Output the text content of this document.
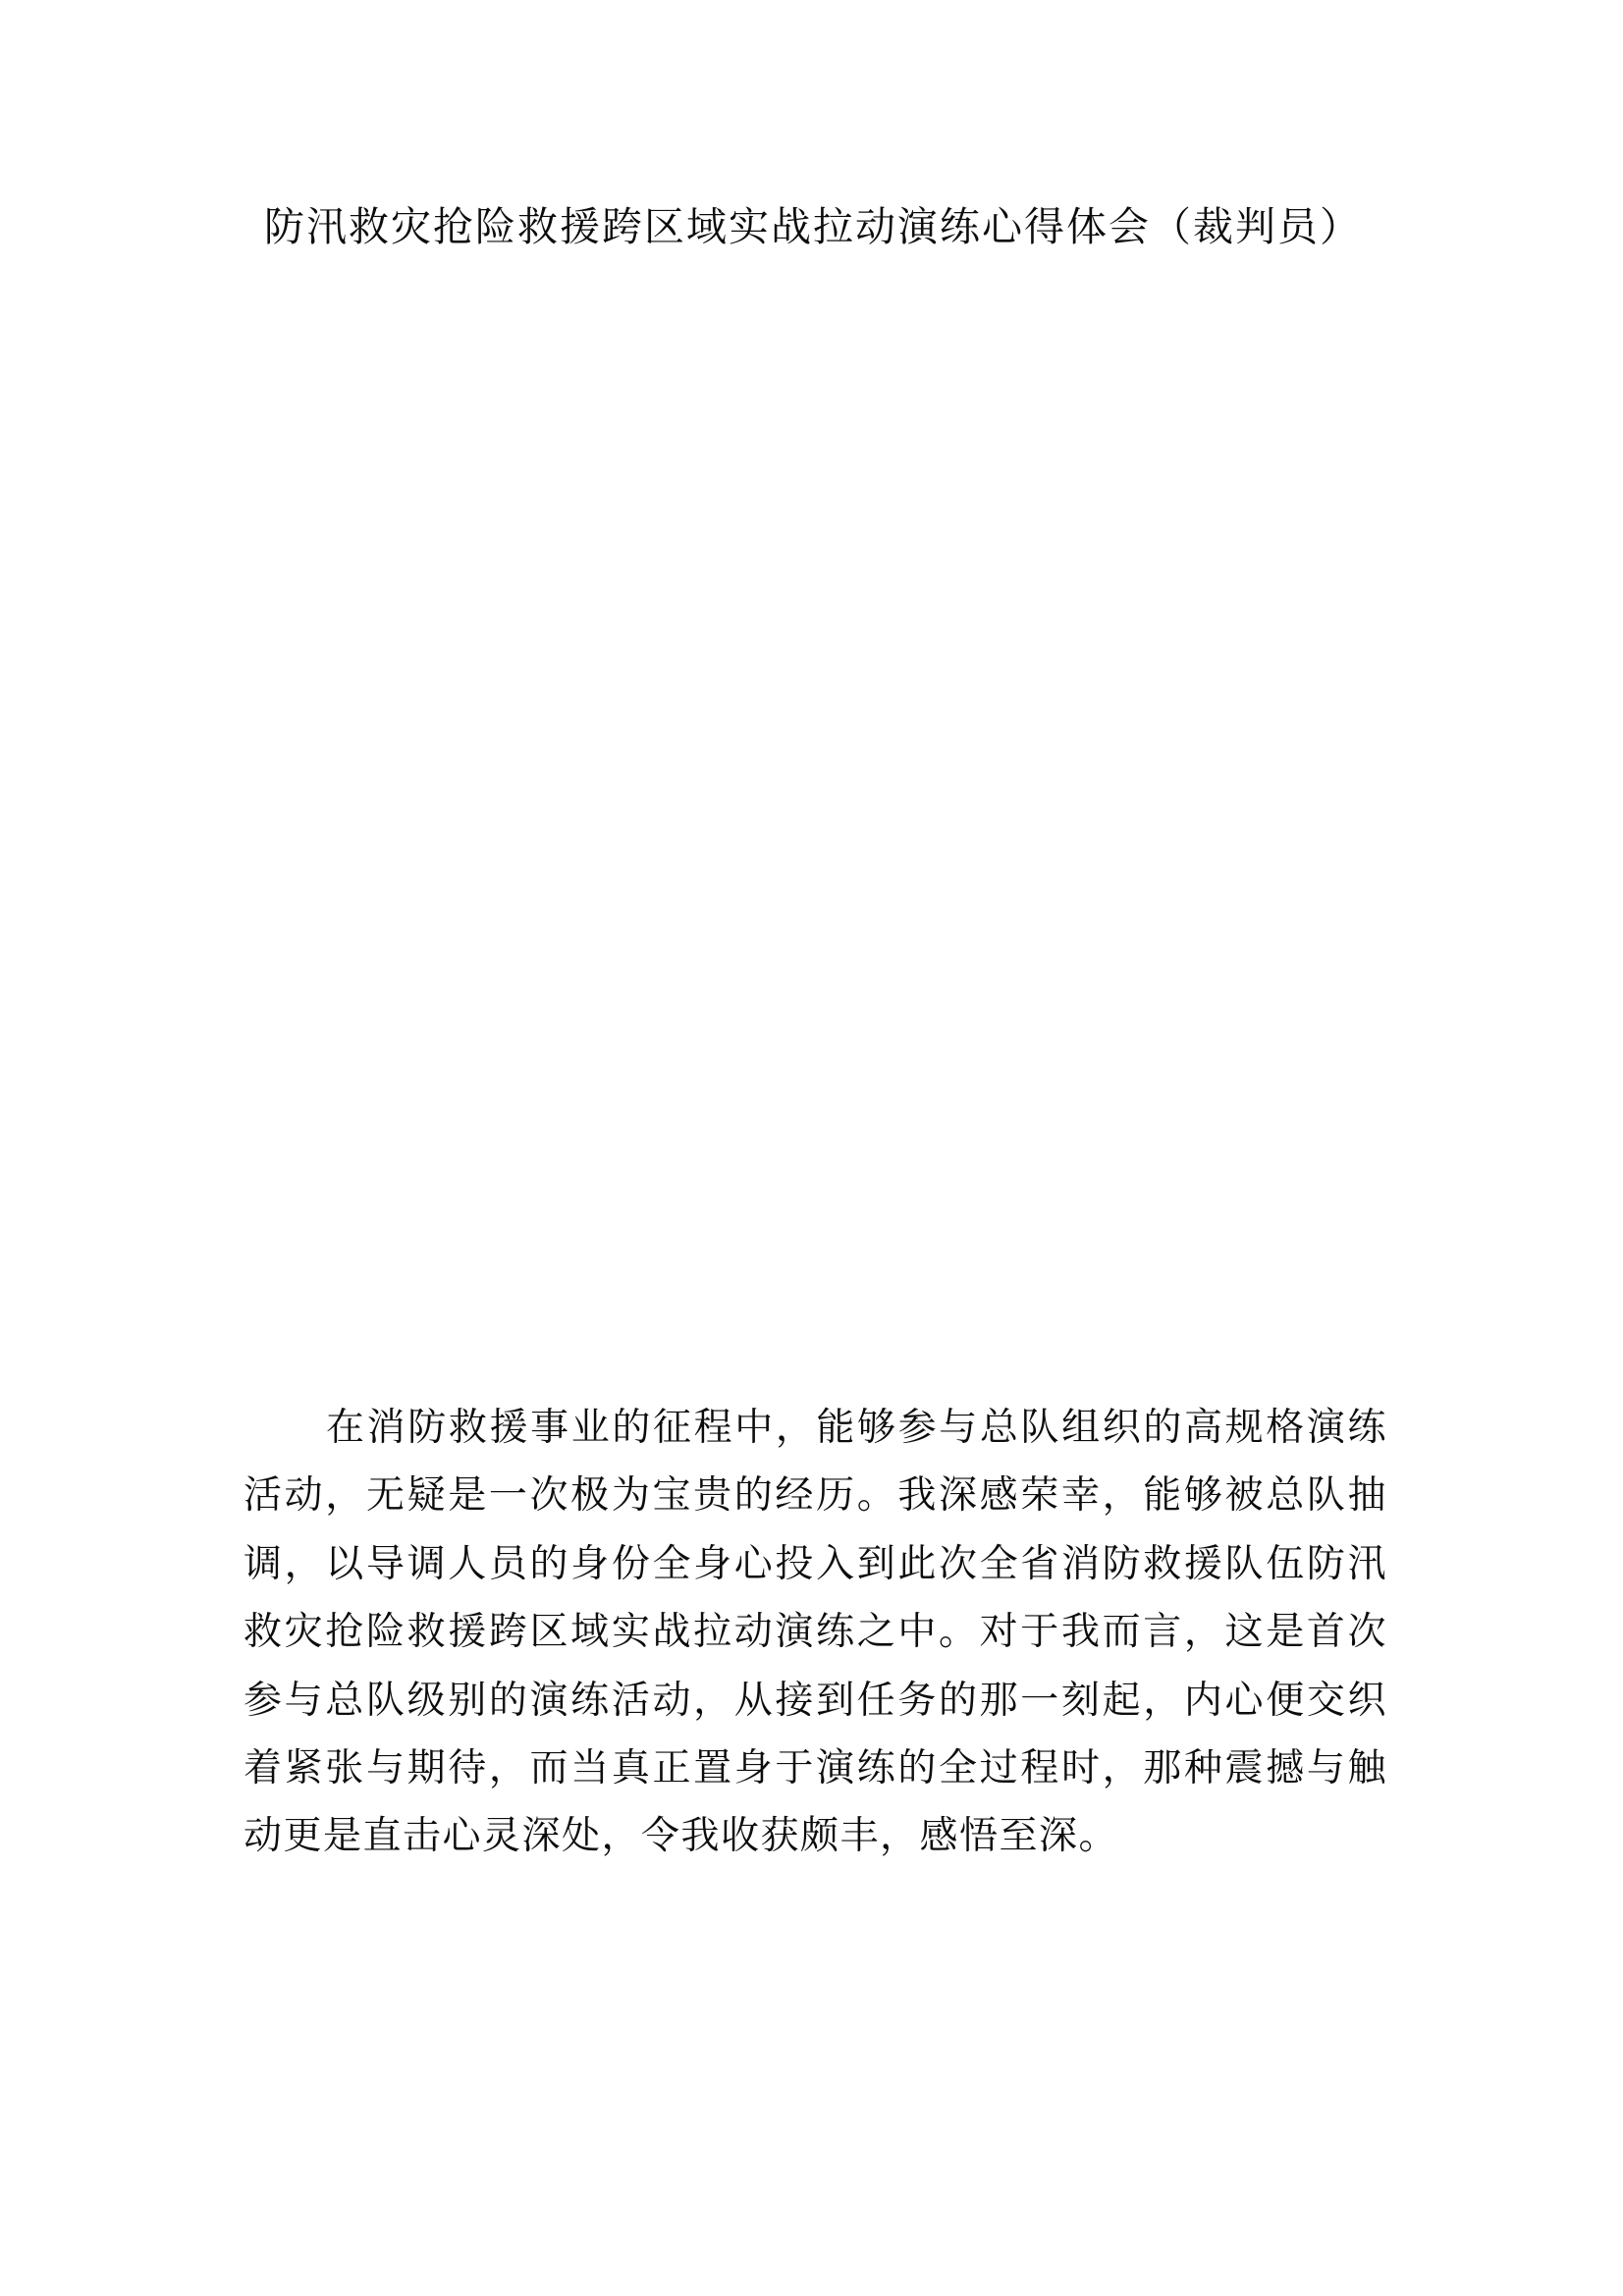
防汛救灾抢险救援跨区域实战拉动演练心得体会（裁判员）

在消防救援事业的征程中，能够参与总队组织的高规格演练活动，无疑是一次极为宝贵的经历。我深感荣幸，能够被总队抽调，以导调人员的身份全身心投入到此次全省消防救援队伍防汛救灾抢险救援跨区域实战拉动演练之中。对于我而言，这是首次参与总队级别的演练活动，从接到任务的那一刻起，内心便交织着紧张与期待，而当真正置身于演练的全过程时，那种震撼与触动更是直击心灵深处，令我收获颇丰，感悟至深。
